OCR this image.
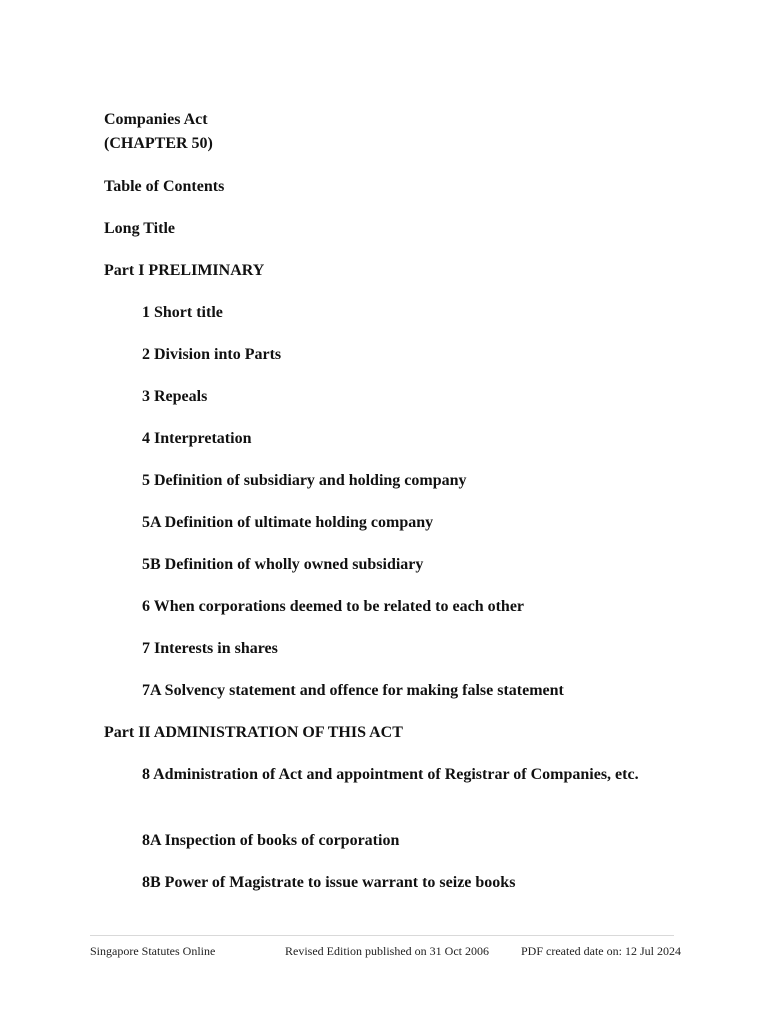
Companies Act
(CHAPTER 50)
Table of Contents
Long Title
Part I PRELIMINARY
1 Short title
2 Division into Parts
3 Repeals
4 Interpretation
5 Definition of subsidiary and holding company
5A Definition of ultimate holding company
5B Definition of wholly owned subsidiary
6 When corporations deemed to be related to each other
7 Interests in shares
7A Solvency statement and offence for making false statement
Part II ADMINISTRATION OF THIS ACT
8 Administration of Act and appointment of Registrar of Companies, etc.
8A Inspection of books of corporation
8B Power of Magistrate to issue warrant to seize books
Singapore Statutes Online	Revised Edition published on 31 Oct 2006	PDF created date on: 12 Jul 2024
